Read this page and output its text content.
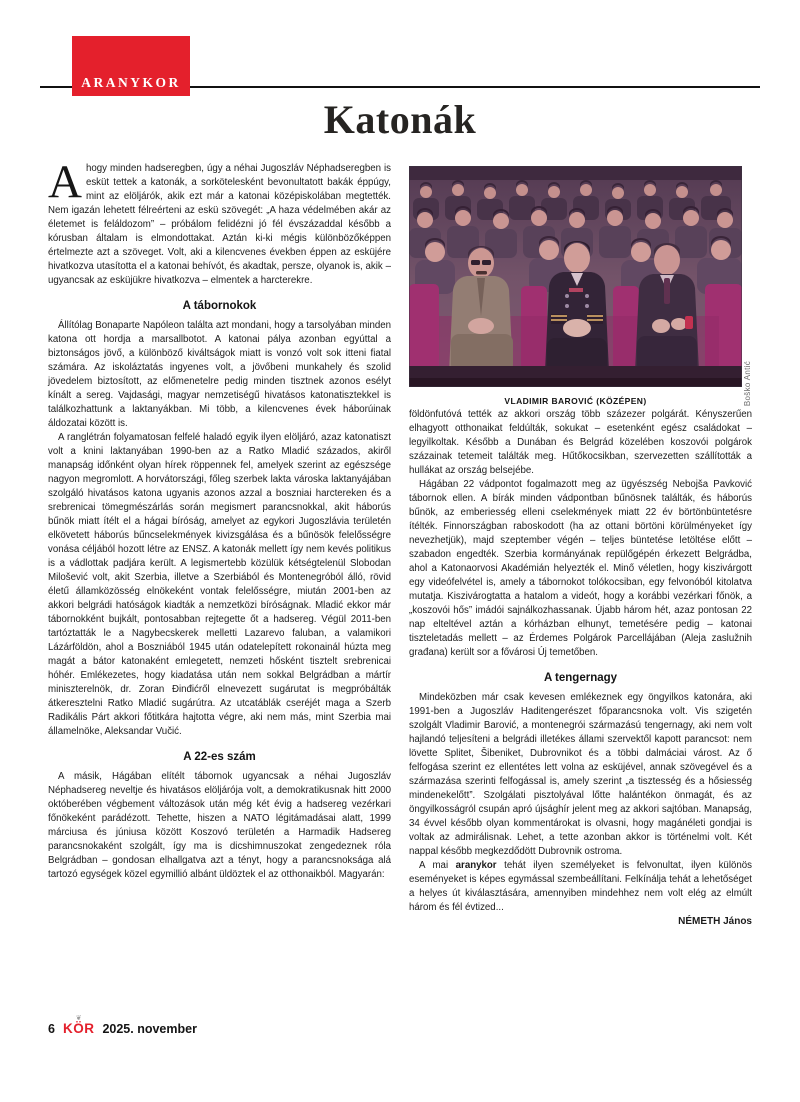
ARANYKOR
Katonák

Ahogy minden hadseregben, úgy a néhai Jugoszláv Néphadseregben is esküt tettek a katonák, a sorkötelesként bevonultatott bakák éppúgy, mint az elöljárók, akik ezt már a katonai középiskolában megtették. Nem igazán lehetett félreérteni az eskü szövegét: „A haza védelmében akár az életemet is feláldozom” – próbálom felidézni jó fél évszázaddal később a kórusban általam is elmondottakat. Aztán ki-ki mégis különbözőképpen értelmezte azt a szöveget. Volt, aki a kilencvenes években éppen az esküjére hivatkozva utasította el a katonai behívót, és akadtak, persze, olyanok is, akik – ugyancsak az esküjükre hivatkozva – elmentek a harcterekre.

A tábornokok

Állítólag Bonaparte Napóleon találta azt mondani, hogy a tarsolyában minden katona ott hordja a marsallbotot. A katonai pálya azonban egyúttal a biztonságos jövő, a különböző kiváltságok miatt is vonzó volt sok itteni fiatal számára. Az iskoláztatás ingyenes volt, a jövőbeni munkahely és szolid jövedelem biztosított, az előmenetelre pedig minden tisztnek azonos esélyt kínált a sereg. Vajdasági, magyar nemzetiségű hivatásos katonatisztekkel is találkozhattunk a laktanyákban. Mi több, a kilencvenes évek háborúinak áldozatai között is.

A ranglétrán folyamatosan felfelé haladó egyik ilyen elöljáró, azaz katonatiszt volt a knini laktanyában 1990-ben az a Ratko Mladić százados, akiről manapság időnként olyan hírek röppennek fel, amelyek szerint az egészsége nagyon megromlott. A horvátországi, főleg szerbek lakta városka laktanyájában szolgáló hivatásos katona ugyanis azonos azzal a boszniai harctereken és a srebrenicai tömegmészárlás során megismert parancsnokkal, akit háborús bűnök miatt ítélt el a hágai bíróság, amelyet az egykori Jugoszlávia területén elkövetett háborús bűncselekmények kivizsgálása és a bűnösök felelősségre vonása céljából hozott létre az ENSZ. A katonák mellett így nem kevés politikus is a vádlottak padjára került. A legismertebb közülük kétségtelenül Slobodan Milošević volt, akit Szerbia, illetve a Szerbiából és Montenegróból álló, rövid életű államközösség elnökeként vontak felelősségre, miután 2001-ben az akkori belgrádi hatóságok kiadták a nemzetközi bíróságnak. Mladić ekkor már tábornokként bujkált, pontosabban rejtegette őt a hadsereg. Végül 2011-ben tartóztatták le a Nagybecskerek melletti Lazarevo faluban, a valamikori Lázárföldön, ahol a Boszniából 1945 után odatelepített rokonainál húzta meg magát a bátor katonaként emlegetett, nemzeti hősként tisztelt srebrenicai hóhér. Emlékezetes, hogy kiadatása után nem sokkal Belgrádban a mártír miniszterelnök, dr. Zoran Đinđićről elnevezett sugárutat is megpróbálták átkeresztelni Ratko Mladić sugárútra. Az utcatáblák cseréjét maga a Szerb Radikális Párt akkori főtitkára hajtotta végre, aki nem más, mint Szerbia mai államelnöke, Aleksandar Vučić.

A 22-es szám

A másik, Hágában elítélt tábornok ugyancsak a néhai Jugoszláv Néphadsereg neveltje és hivatásos elöljárója volt, a demokratikusnak hitt 2000 októberében végbement változások után még két évig a hadsereg vezérkari főnökeként parádézott. Tehette, hiszen a NATO légitámadásai alatt, 1999 márciusa és júniusa között Koszovó területén a Harmadik Hadsereg parancsnokaként szolgált, így ma is dicshimnuszokat zengedeznek róla Belgrádban – gondosan elhallgatva azt a tényt, hogy a parancsnoksága alá tartozó egységek közel egymillió albánt üldöztek el az otthonaikból. Magyarán:

Boško Antić
VLADIMIR BAROVIĆ (KÖZÉPEN)

földönfutóvá tették az akkori ország több százezer polgárát. Kényszerűen elhagyott otthonaikat feldúlták, sokukat – esetenként egész családokat – legyilkoltak. Később a Dunában és Belgrád közelében koszovói polgárok százainak tetemeit találták meg. Hűtőkocsikban, szervezetten szállították a hullákat az ország belsejébe.

Hágában 22 vádpontot fogalmazott meg az ügyészség Nebojša Pavković tábornok ellen. A bírák minden vádpontban bűnösnek találták, és háborús bűnök, az emberiesség elleni cselekmények miatt 22 év börtönbüntetésre ítélték. Finnországban raboskodott (ha az ottani börtöni körülményeket így nevezhetjük), majd szeptember végén – teljes büntetése letöltése előtt – szabadon engedték. Szerbia kormányának repülőgépén érkezett Belgrádba, ahol a Katonaorvosi Akadémián helyezték el. Minő véletlen, hogy kiszivárgott egy videófelvétel is, amely a tábornokot tolókocsiban, egy felvonóból kitolatva mutatja. Kiszivárogtatta a hatalom a videót, hogy a korábbi vezérkari főnök, a „koszovói hős” imádói sajnálkozhassanak. Újabb három hét, azaz pontosan 22 nap elteltével aztán a kórházban elhunyt, temetésére pedig – katonai tiszteletadás mellett – az Érdemes Polgárok Parcellájában (Aleja zaslužnih građana) került sor a fővárosi Új temetőben.

A tengernagy

Mindeközben már csak kevesen emlékeznek egy öngyilkos katonára, aki 1991-ben a Jugoszláv Haditengerészet főparancsnoka volt. Vis szigetén szolgált Vladimir Barović, a montenegrói származású tengernagy, aki nem volt hajlandó teljesíteni a belgrádi illetékes állami szervektől kapott parancsot: nem lövette Splitet, Šibeniket, Dubrovnikot és a többi dalmáciai várost. Az ő felfogása szerint ez ellentétes lett volna az esküjével, annak szövegével és a származása szerinti felfogással is, amely szerint „a tisztesség és a hősiesség mindenekelőtt”. Szolgálati pisztolyával lőtte halántékon önmagát, és az öngyilkosságról csupán apró újsághír jelent meg az akkori sajtóban. Manapság, 34 évvel később olyan kommentárokat is olvasni, hogy magánéleti gondjai is voltak az admirálisnak. Lehet, a tette azonban akkor is történelmi volt. Két nappal később megkezdődött Dubrovnik ostroma.

A mai aranykor tehát ilyen személyeket is felvonultat, ilyen különös eseményeket is képes egymással szembeállítani. Felkínálja tehát a lehetőséget a helyes út kiválasztására, amennyiben mindehhez nem volt elég az elmúlt három és fél évtized...

NÉMETH János

6
❦
KÖR 2025. november
